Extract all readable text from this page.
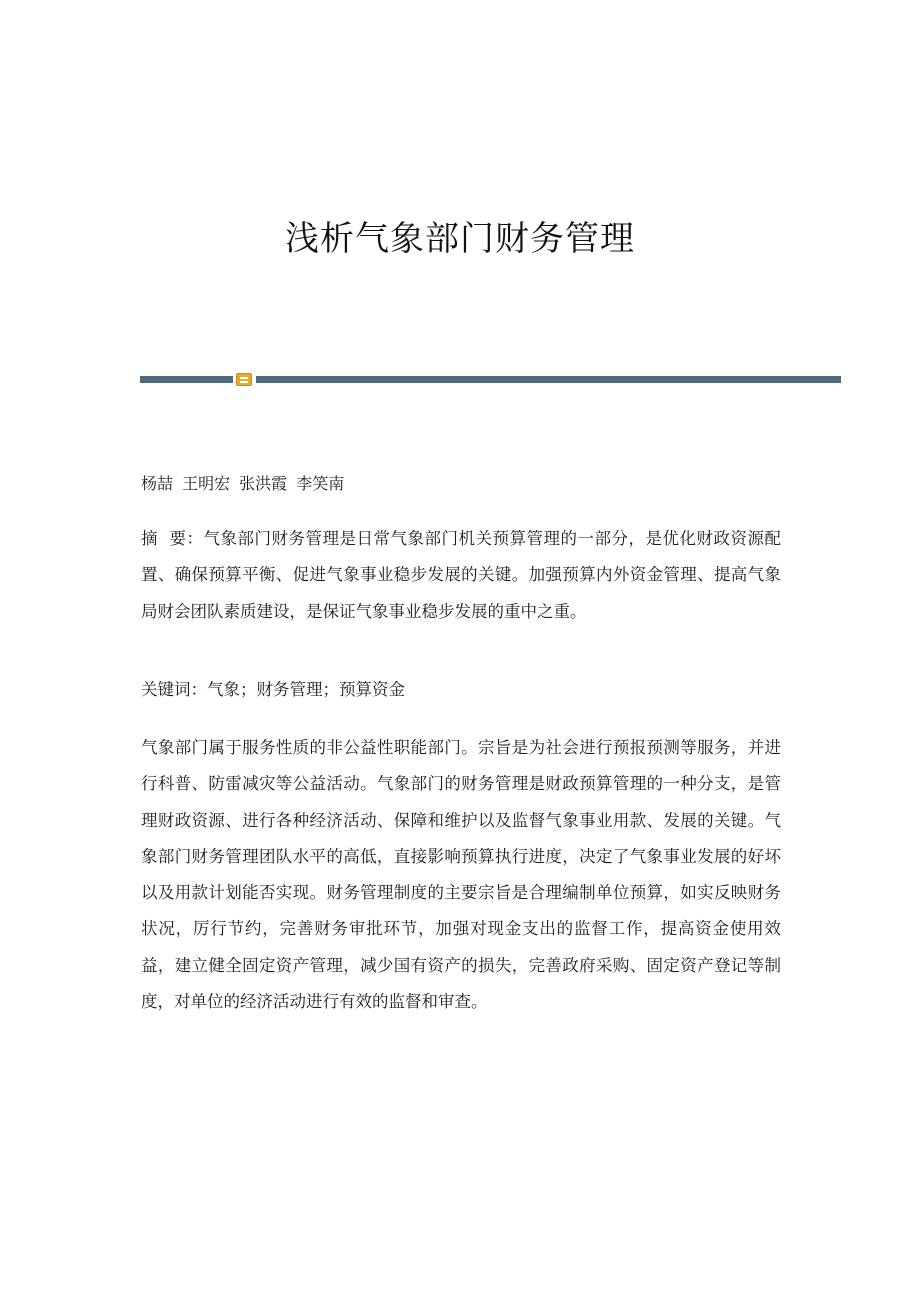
浅析气象部门财务管理
杨喆 王明宏 张洪霞 李笑南
摘  要：气象部门财务管理是日常气象部门机关预算管理的一部分，是优化财政资源配置、确保预算平衡、促进气象事业稳步发展的关键。加强预算内外资金管理、提高气象局财会团队素质建设，是保证气象事业稳步发展的重中之重。
关键词：气象；财务管理；预算资金
气象部门属于服务性质的非公益性职能部门。宗旨是为社会进行预报预测等服务，并进行科普、防雷减灾等公益活动。气象部门的财务管理是财政预算管理的一种分支，是管理财政资源、进行各种经济活动、保障和维护以及监督气象事业用款、发展的关键。气象部门财务管理团队水平的高低，直接影响预算执行进度，决定了气象事业发展的好坏以及用款计划能否实现。财务管理制度的主要宗旨是合理编制单位预算，如实反映财务状况，厉行节约，完善财务审批环节，加强对现金支出的监督工作，提高资金使用效益，建立健全固定资产管理，减少国有资产的损失，完善政府采购、固定资产登记等制度，对单位的经济活动进行有效的监督和审查。
